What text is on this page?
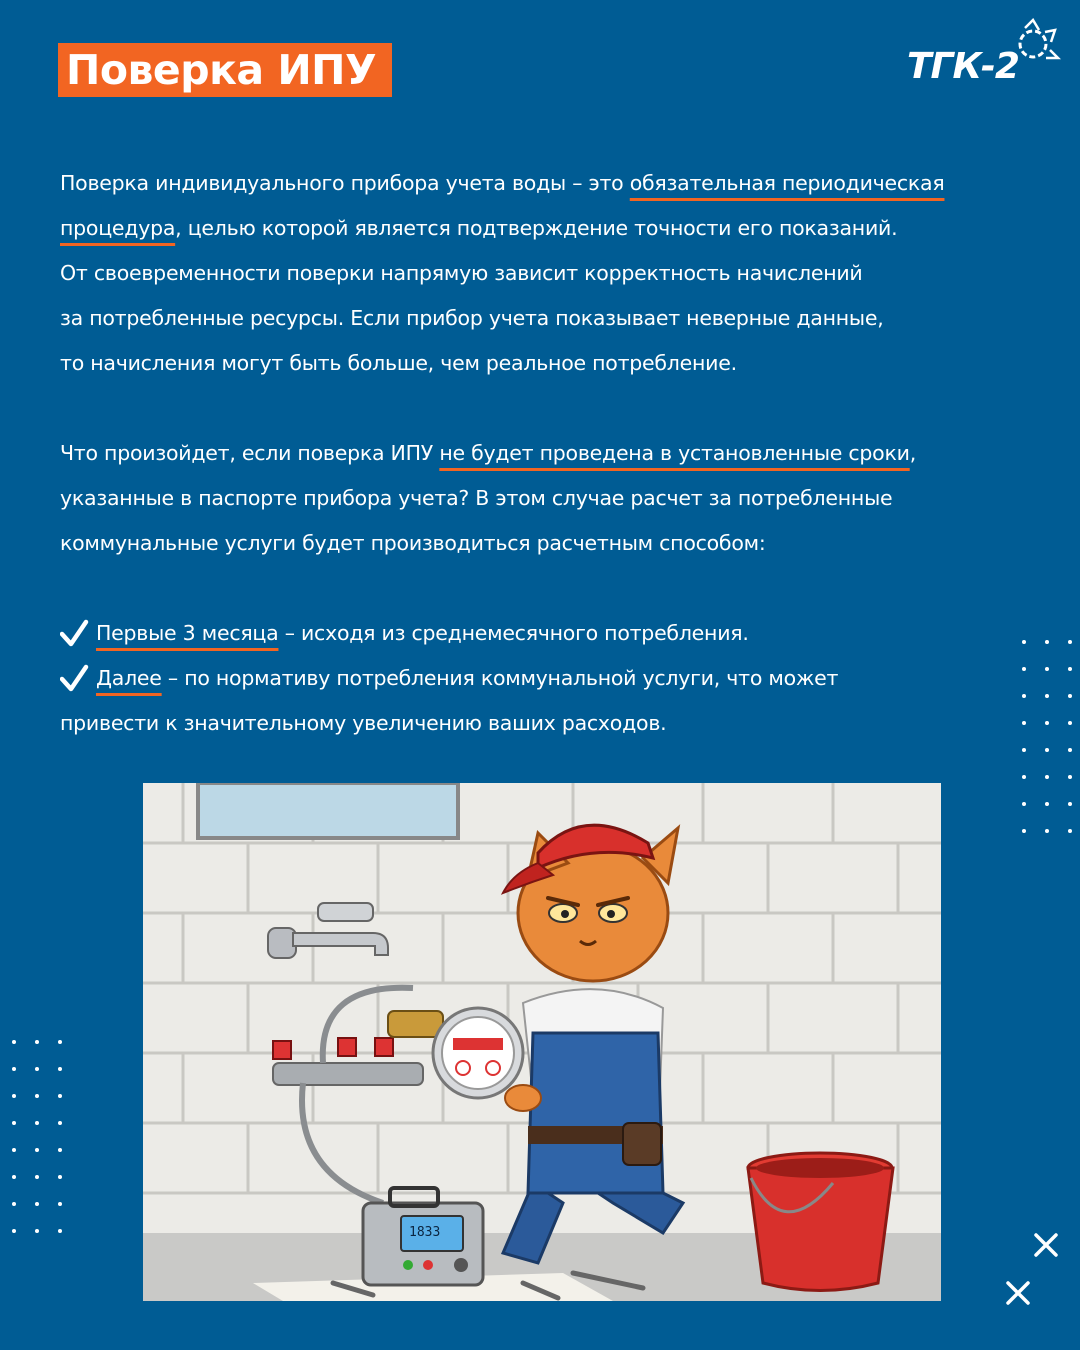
Поверка ИПУ	ТГК-2
Поверка индивидуального прибора учета воды – это обязательная периодическая
процедура, целью которой является подтверждение точности его показаний.
От своевременности поверки напрямую зависит корректность начислений
за потребленные ресурсы. Если прибор учета показывает неверные данные,
то начисления могут быть больше, чем реальное потребление.
Что произойдет, если поверка ИПУ не будет проведена в установленные сроки,
указанные в паспорте прибора учета? В этом случае расчет за потребленные
коммунальные услуги будет производиться расчетным способом:
Первые 3 месяца – исходя из среднемесячного потребления.
Далее – по нормативу потребления коммунальной услуги, что может
привести к значительному увеличению ваших расходов.
1833
